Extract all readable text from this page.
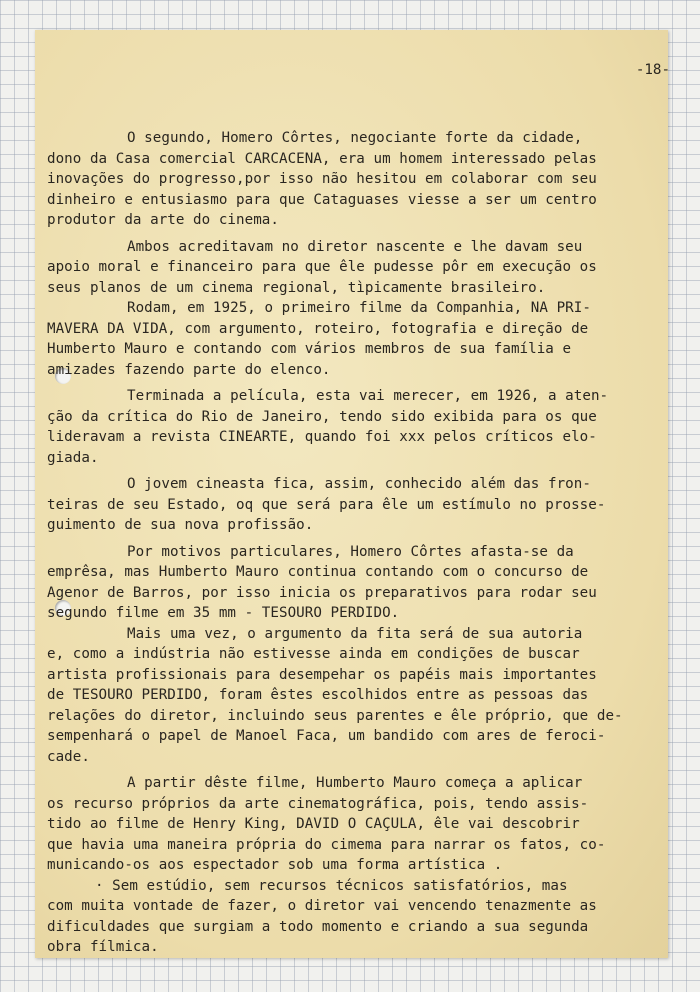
-18-
O segundo, Homero Côrtes, negociante forte da cidade,
dono da Casa comercial CARCACENA, era um homem interessado pelas
inovações do progresso,por isso não hesitou em colaborar com seu
dinheiro e entusiasmo para que Cataguases viesse a ser um centro
produtor da arte do cinema.
Ambos acreditavam no diretor nascente e lhe davam seu
apoio moral e financeiro para que êle pudesse pôr em execução os
seus planos de um cinema regional, tìpicamente brasileiro.
Rodam, em 1925, o primeiro filme da Companhia, NA PRI-
MAVERA DA VIDA, com argumento, roteiro, fotografia e direção de
Humberto Mauro e contando com vários membros de sua família e
amizades fazendo parte do elenco.
Terminada a película, esta vai merecer, em 1926, a aten-
ção da crítica do Rio de Janeiro, tendo sido exibida para os que
lideravam a revista CINEARTE, quando foi xxx pelos críticos elo-
giada.
O jovem cineasta fica, assim, conhecido além das fron-
teiras de seu Estado, oq que será para êle um estímulo no prosse-
guimento de sua nova profissão.
Por motivos particulares, Homero Côrtes afasta-se da
emprêsa, mas Humberto Mauro continua contando com o concurso de
Agenor de Barros, por isso inicia os preparativos para rodar seu
segundo filme em 35 mm - TESOURO PERDIDO.
Mais uma vez, o argumento da fita será de sua autoria
e, como a indústria não estivesse ainda em condições de buscar
artista profissionais para desempehar os papéis mais importantes
de TESOURO PERDIDO, foram êstes escolhidos entre as pessoas das
relações do diretor, incluindo seus parentes e êle próprio, que de-
sempenhará o papel de Manoel Faca, um bandido com ares de feroci-
cade.
A partir dêste filme, Humberto Mauro começa a aplicar
os recurso próprios da arte cinematográfica, pois, tendo assis-
tido ao filme de Henry King, DAVID O CAÇULA, êle vai descobrir
que havia uma maneira própria do cimema para narrar os fatos, co-
municando-os aos espectador sob uma forma artística .
· Sem estúdio, sem recursos técnicos satisfatórios, mas
com muita vontade de fazer, o diretor vai vencendo tenazmente as
dificuldades que surgiam a todo momento e criando a sua segunda
obra fílmica.
